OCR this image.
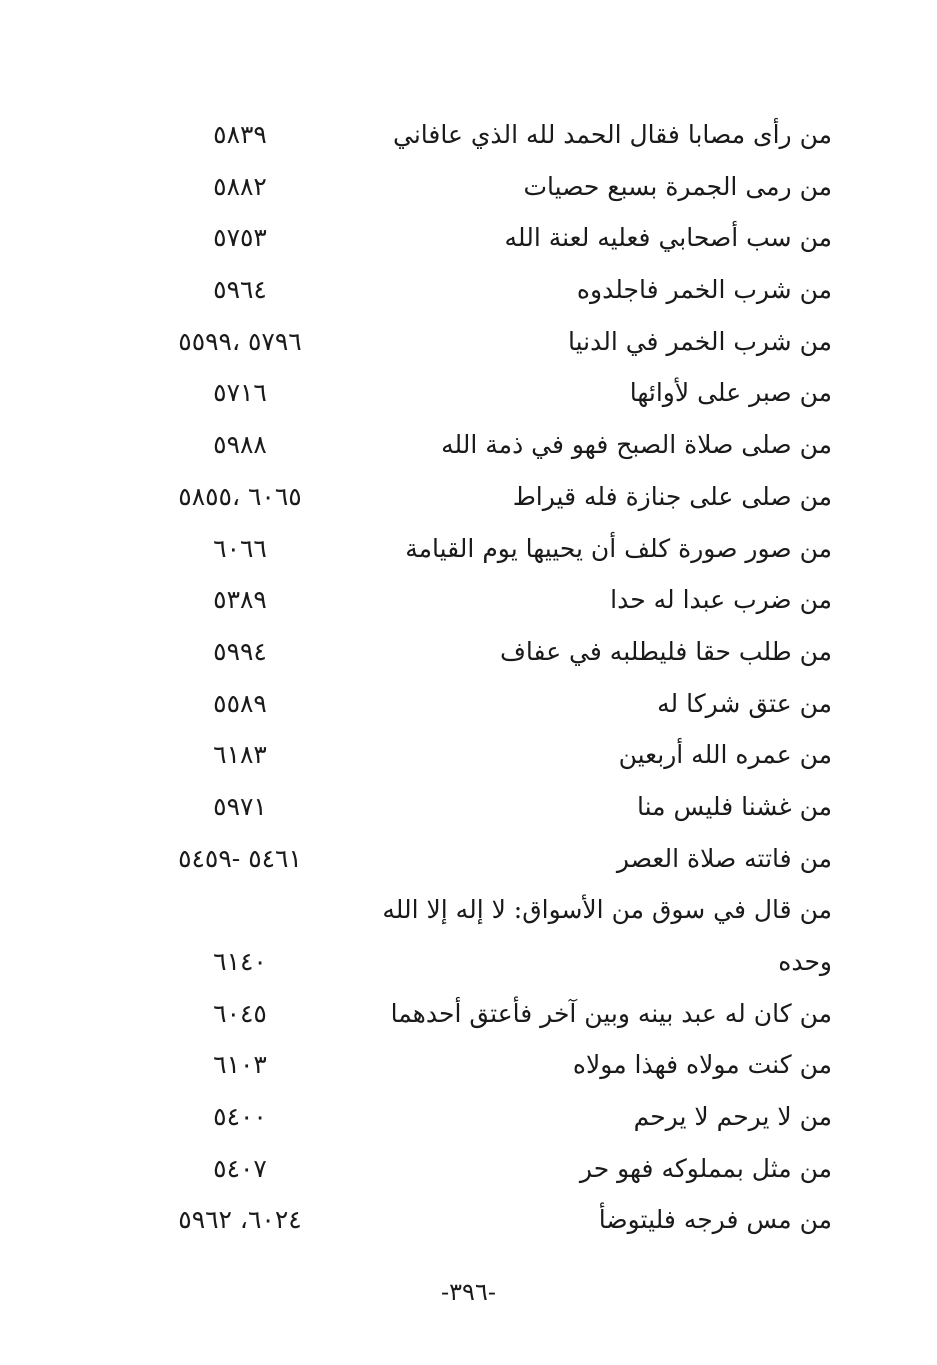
من رأى مصابا فقال الحمد لله الذي عافاني
٥٨٣٩
من رمى الجمرة بسبع حصيات
٥٨٨٢
من سب أصحابي فعليه لعنة الله
٥٧٥٣
من شرب الخمر فاجلدوه
٥٩٦٤
من شرب الخمر في الدنيا
٥٧٩٦ ،٥٥٩٩
من صبر على لأوائها
٥٧١٦
من صلى صلاة الصبح فهو في ذمة الله
٥٩٨٨
من صلى على جنازة فله قيراط
٦٠٦٥ ،٥٨٥٥
من صور صورة كلف أن يحييها يوم القيامة
٦٠٦٦
من ضرب عبدا له حدا
٥٣٨٩
من طلب حقا فليطلبه في عفاف
٥٩٩٤
من عتق شركا له
٥٥٨٩
من عمره الله أربعين
٦١٨٣
من غشنا فليس منا
٥٩٧١
من فاتته صلاة العصر
٥٤٦١ -٥٤٥٩
من قال في سوق من الأسواق: لا إله إلا الله
وحده
٦١٤٠
من كان له عبد بينه وبين آخر فأعتق أحدهما
٦٠٤٥
من كنت مولاه فهذا مولاه
٦١٠٣
من لا يرحم لا يرحم
٥٤٠٠
من مثل بمملوكه فهو حر
٥٤٠٧
من مس فرجه فليتوضأ
٦٠٢٤، ٥٩٦٢
-٣٩٦-
